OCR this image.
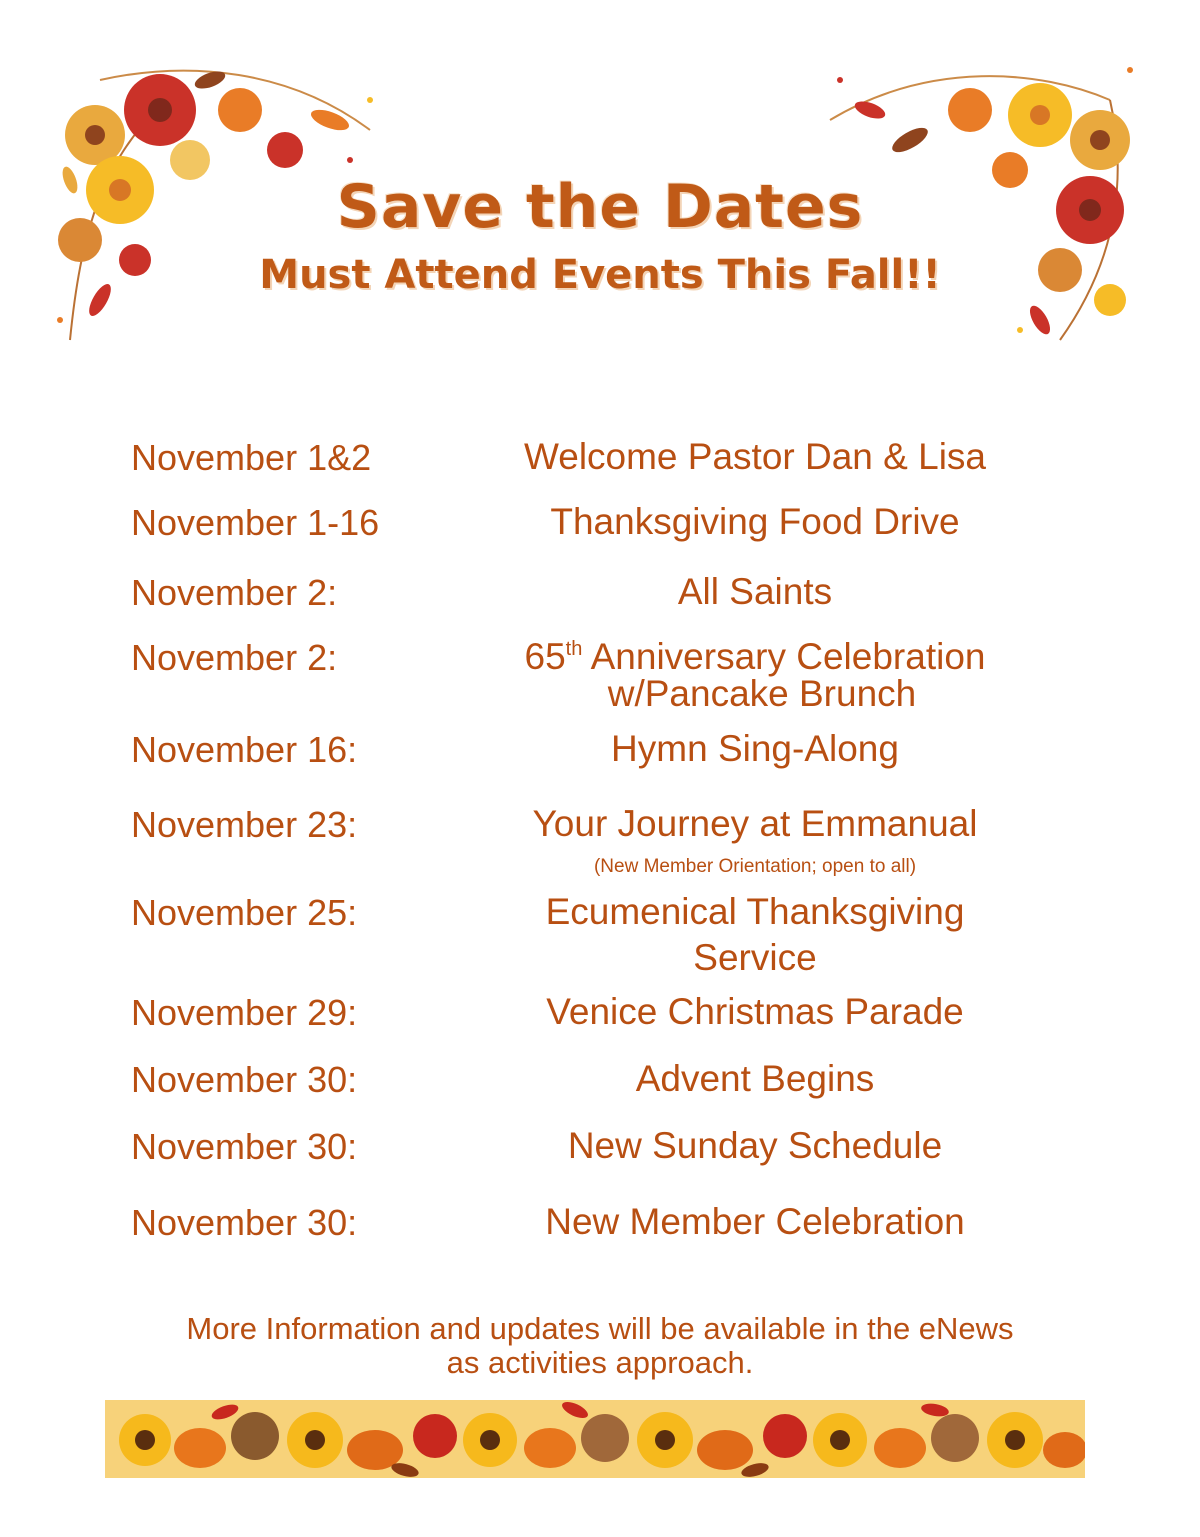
Save the Dates
Must Attend Events This Fall!!
November 1&2	Welcome Pastor Dan & Lisa
November 1-16	Thanksgiving Food Drive
November 2:	All Saints
November 2:	65th Anniversary Celebration
w/Pancake Brunch
November 16:	Hymn Sing-Along
November 23:	Your Journey at Emmanual
(New Member Orientation; open to all)
November 25:	Ecumenical Thanksgiving
Service
November 29:	Venice Christmas Parade
November 30:	Advent Begins
November 30:	New Sunday Schedule
November 30:	New Member Celebration
More Information and updates will be available in the eNews
as activities approach.
